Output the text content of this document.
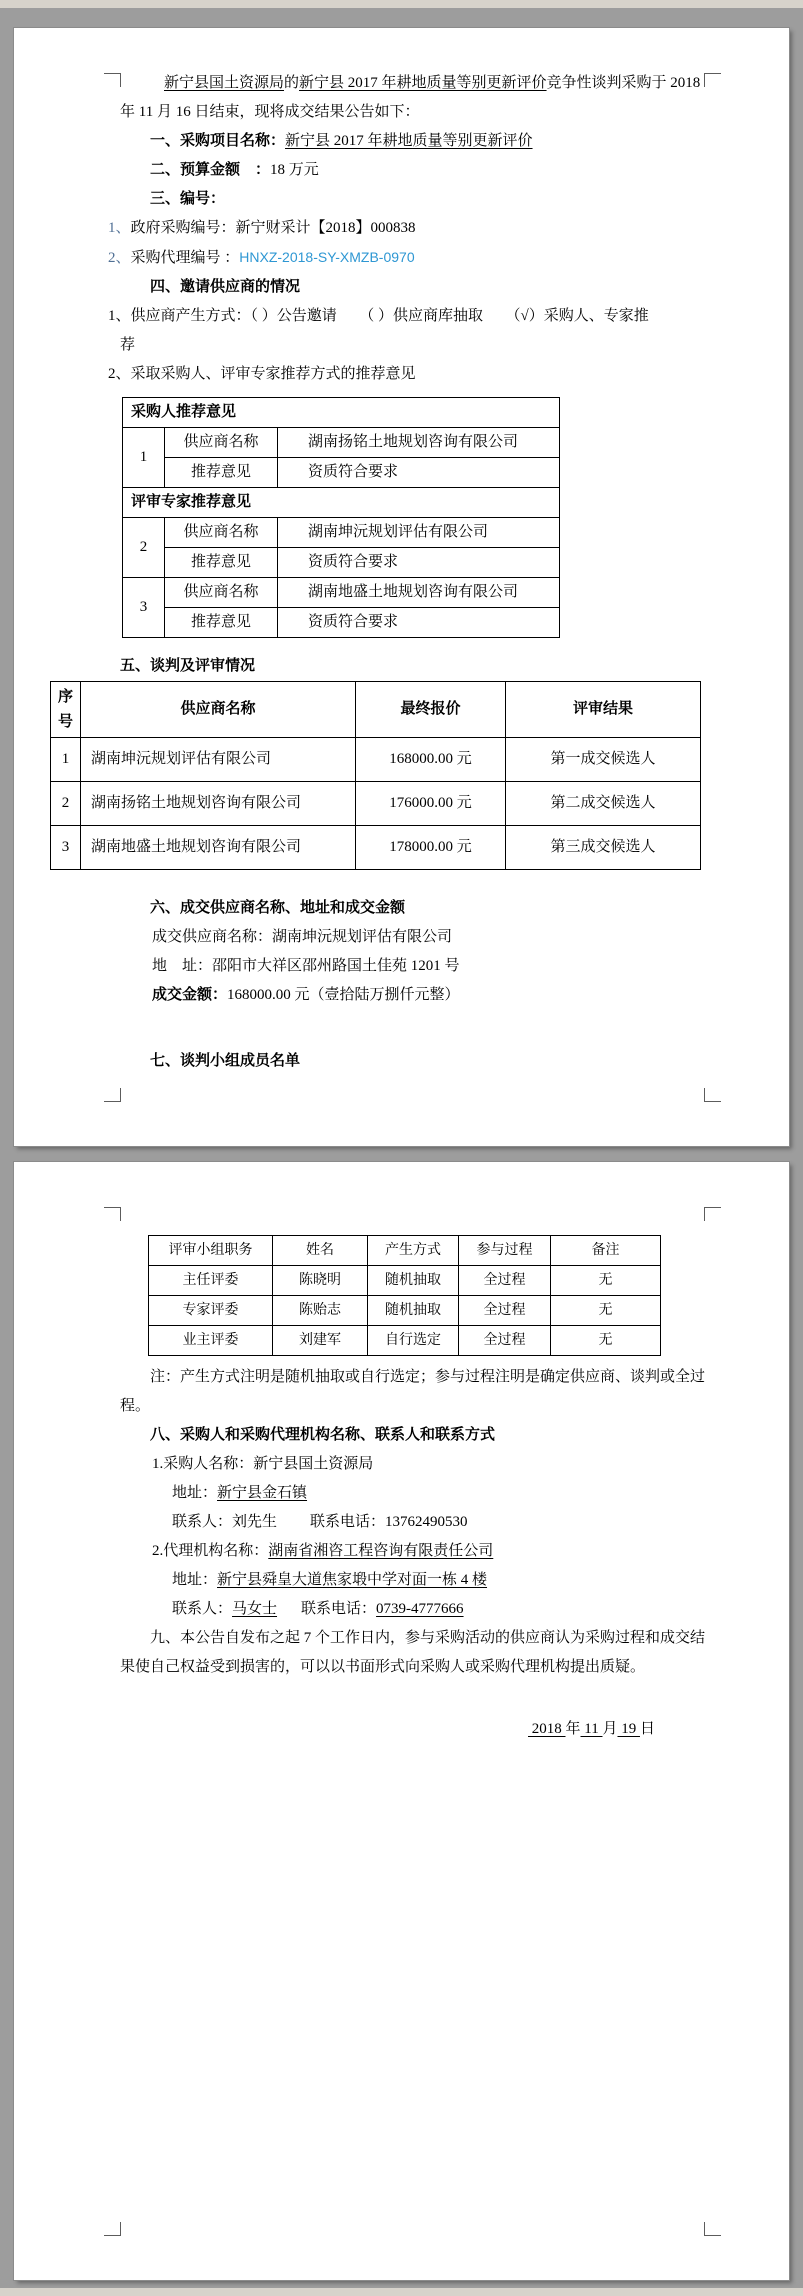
新宁县国土资源局的新宁县 2017 年耕地质量等别更新评价竞争性谈判采购于 2018

年 11 月 16 日结束，现将成交结果公告如下：

一、采购项目名称：新宁县 2017 年耕地质量等别更新评价

二、预算金额　：18 万元

三、编号：

1、政府采购编号：新宁财采计【2018】000838

2、采购代理编号 ：HNXZ-2018-SY-XMZB-0970

四、邀请供应商的情况

1、供应商产生方式：（ ）公告邀请　　（ ）供应商库抽取　　（√）采购人、专家推

荐

2、采取采购人、评审专家推荐方式的推荐意见

采购人推荐意见		
1	供应商名称	湖南扬铭土地规划咨询有限公司
	推荐意见	资质符合要求
评审专家推荐意见		
2	供应商名称	湖南坤沅规划评估有限公司
	推荐意见	资质符合要求
3	供应商名称	湖南地盛土地规划咨询有限公司
	推荐意见	资质符合要求

五、谈判及评审情况

序号	供应商名称	最终报价	评审结果
1	湖南坤沅规划评估有限公司	168000.00 元	第一成交候选人
2	湖南扬铭土地规划咨询有限公司	176000.00 元	第二成交候选人
3	湖南地盛土地规划咨询有限公司	178000.00 元	第三成交候选人

六、成交供应商名称、地址和成交金额

成交供应商名称：湖南坤沅规划评估有限公司

地　址：邵阳市大祥区邵州路国土佳苑 1201 号

成交金额：168000.00 元（壹拾陆万捌仟元整）

七、谈判小组成员名单

评审小组职务	姓名	产生方式	参与过程	备注
主任评委	陈晓明	随机抽取	全过程	无
专家评委	陈贻志	随机抽取	全过程	无
业主评委	刘建军	自行选定	全过程	无

注：产生方式注明是随机抽取或自行选定；参与过程注明是确定供应商、谈判或全过

程。

八、采购人和采购代理机构名称、联系人和联系方式

1.采购人名称：新宁县国土资源局

地址：新宁县金石镇

联系人：刘先生 联系电话：13762490530

2.代理机构名称：湖南省湘咨工程咨询有限责任公司

地址：新宁县舜皇大道焦家塅中学对面一栋 4 楼

联系人：马女士 联系电话：0739-4777666

九、本公告自发布之起 7 个工作日内，参与采购活动的供应商认为采购过程和成交结

果使自己权益受到损害的，可以以书面形式向采购人或采购代理机构提出质疑。

2018 年 11 月 19 日
